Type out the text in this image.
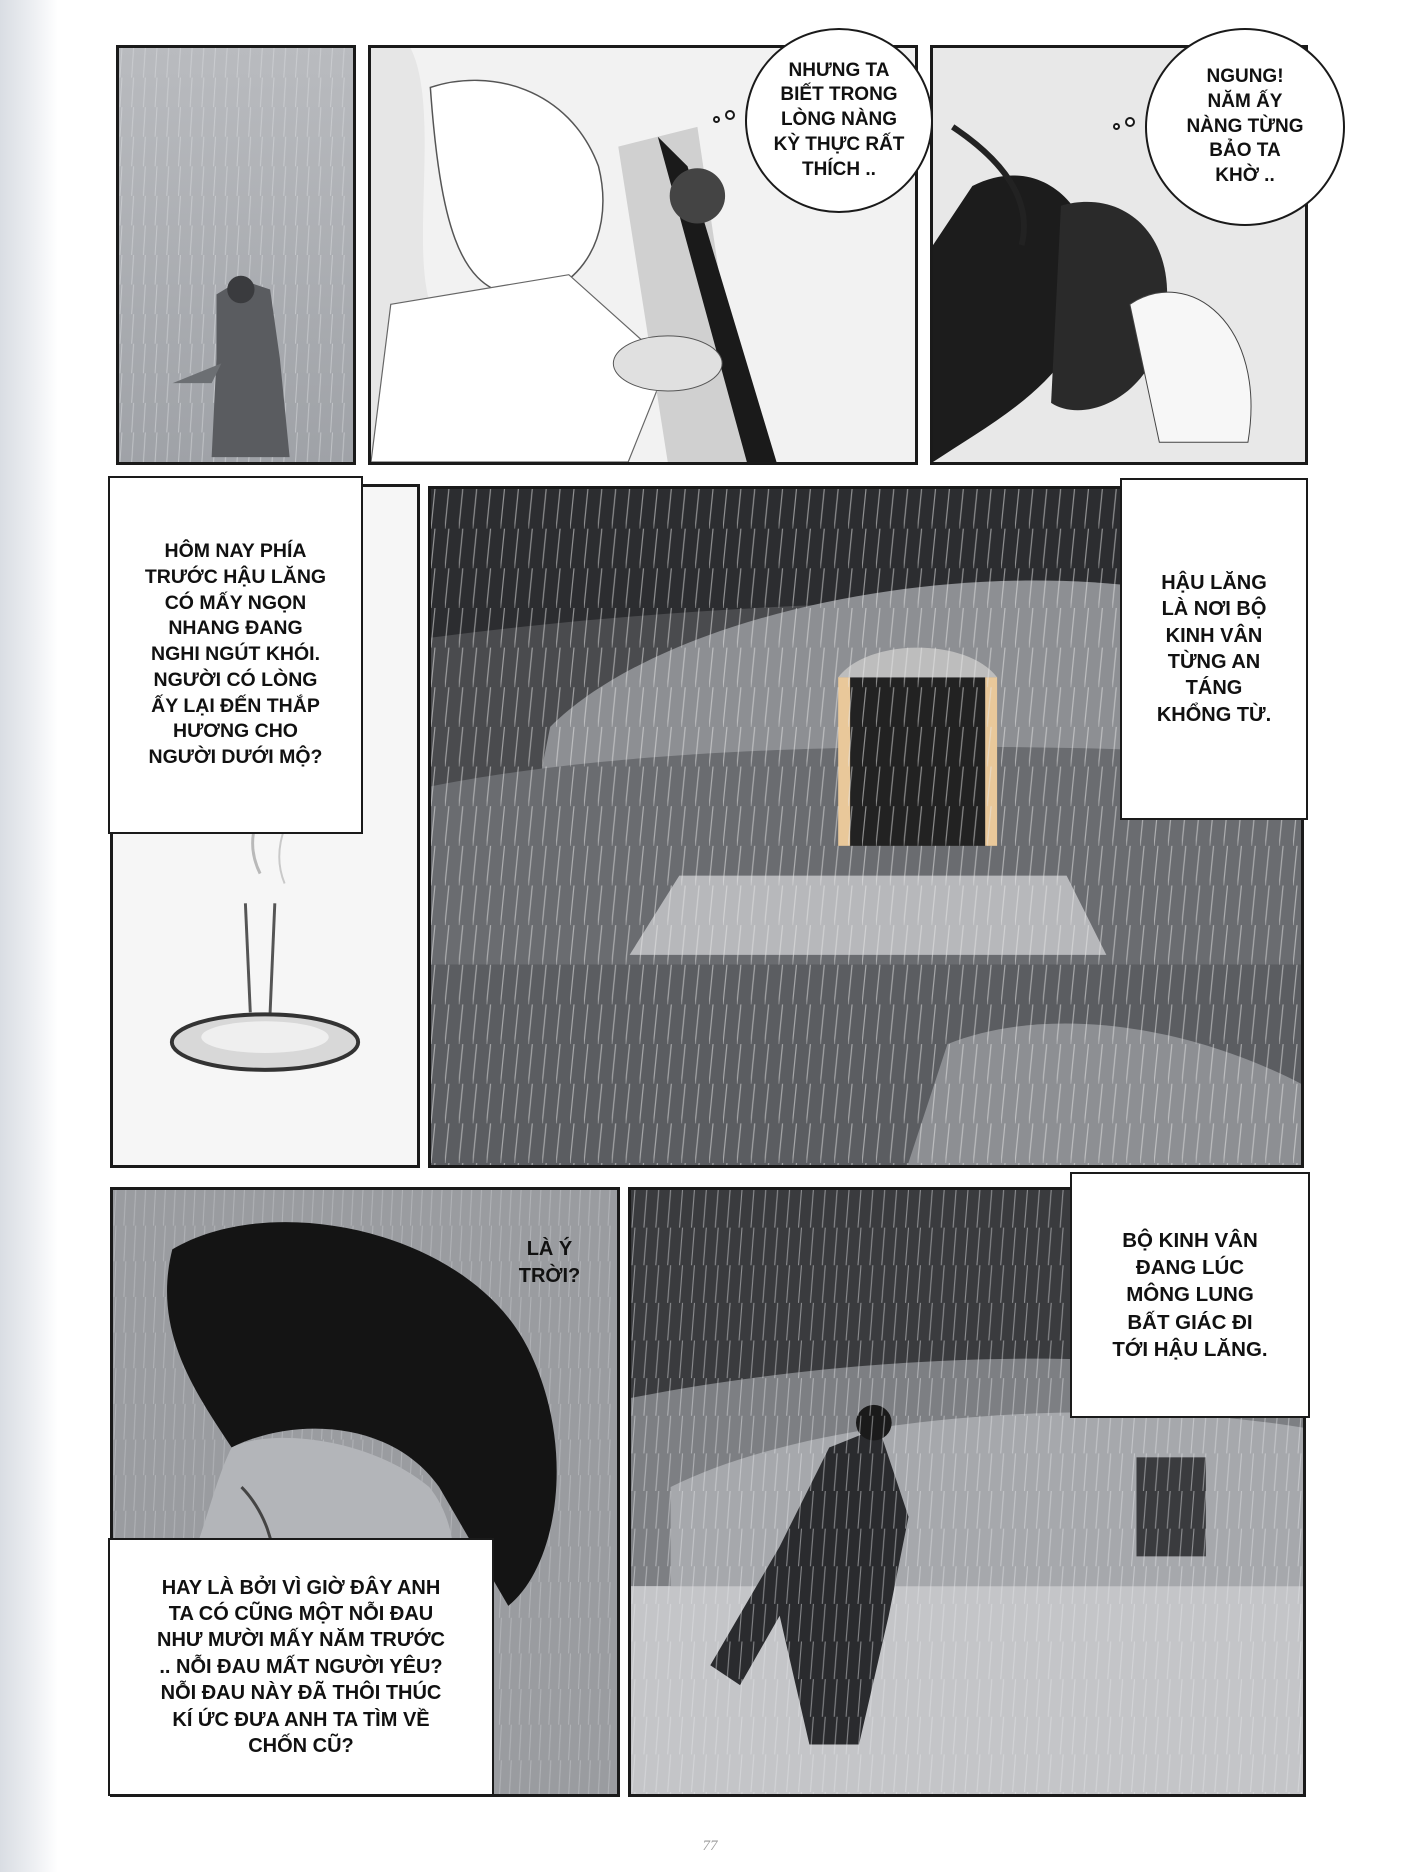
NHƯNG TA
BIẾT TRONG
LÒNG NÀNG
KỲ THỰC RẤT
THÍCH ..
NGUNG!
NĂM ẤY
NÀNG TỪNG
BẢO TA
KHỜ ..
HÔM NAY PHÍA
TRƯỚC HẬU LĂNG
CÓ MẤY NGỌN
NHANG ĐANG
NGHI NGÚT KHÓI.
NGƯỜI CÓ LÒNG
ẤY LẠI ĐẾN THẮP
HƯƠNG CHO
NGƯỜI DƯỚI MỘ?
HẬU LĂNG
LÀ NƠI BỘ
KINH VÂN
TỪNG AN
TÁNG
KHỔNG TỪ.
LÀ Ý
TRỜI?
HAY LÀ BỞI VÌ GIỜ ĐÂY ANH
TA CÓ CŨNG MỘT NỖI ĐAU
NHƯ MƯỜI MẤY NĂM TRƯỚC
.. NỖI ĐAU MẤT NGƯỜI YÊU?
NỖI ĐAU NÀY ĐÃ THÔI THÚC
KÍ ỨC ĐƯA ANH TA TÌM VỀ
CHỐN CŨ?
BỘ KINH VÂN
ĐANG LÚC
MÔNG LUNG
BẤT GIÁC ĐI
TỚI HẬU LĂNG.
77
